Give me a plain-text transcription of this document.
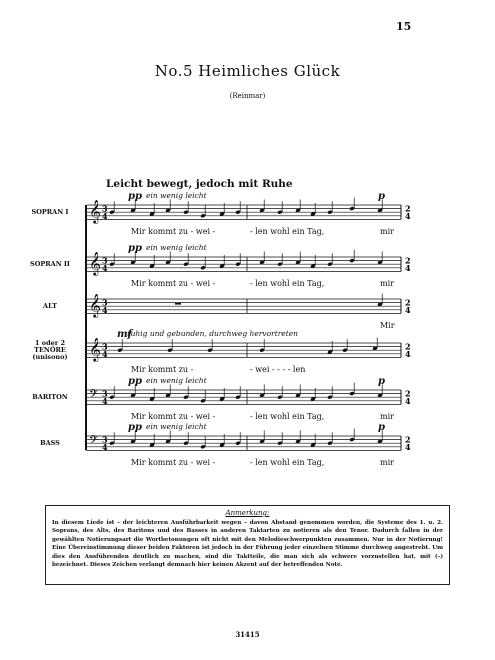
15
No.5 Heimliches Glück
(Reinmar)
Leicht bewegt, jedoch mit Ruhe
𝄞 3
4
2
4
𝄞 3
4
2
4
𝄞 3
4
2
4
𝄞 3
4
2
4
𝄢 3
4
2
4
𝄢 3
4
2
4
SOPRAN I
pp ein wenig leicht	p
Mir kommt zu - wei -	- len wohl ein Tag,	mir
SOPRAN II
pp ein wenig leicht
Mir kommt zu - wei -	- len wohl ein Tag,	mir
ALT
Mir
1 oder 2
TENÖRE
(unisono)
mf
ruhig und gebunden, durchweg hervortreten
Mir kommt zu -	- wei - - - - len
BARITON
pp ein wenig leicht	p
Mir kommt zu - wei -	- len wohl ein Tag,	mir
BASS
pp ein wenig leicht	p
Mir kommt zu - wei -	- len wohl ein Tag,	mir
Anmerkung:
In diesem Liede ist – der leichteren Ausführbarkeit wegen – davon Abstand genommen worden, die Systeme des 1. u. 2. Soprans, des Alts, des Baritons und des Basses in anderen Taktarten zu notieren als den Tenor. Dadurch fallen in der gewählten Notierungsart die Wortbetonungen oft nicht mit den Melodieschwerpunkten zusammen. Nur in der Notierung! Eine Übereinstimmung dieser beiden Faktoren ist jedoch in der Führung jeder einzelnen Stimme durchweg angestrebt. Um dies den Ausführenden deutlich zu machen, sind die Taktteile, die man sich als schwere vorzustellen hat, mit (–) bezeichnet. Dieses Zeichen verlangt demnach hier keinen Akzent auf der betreffenden Note.
31415
